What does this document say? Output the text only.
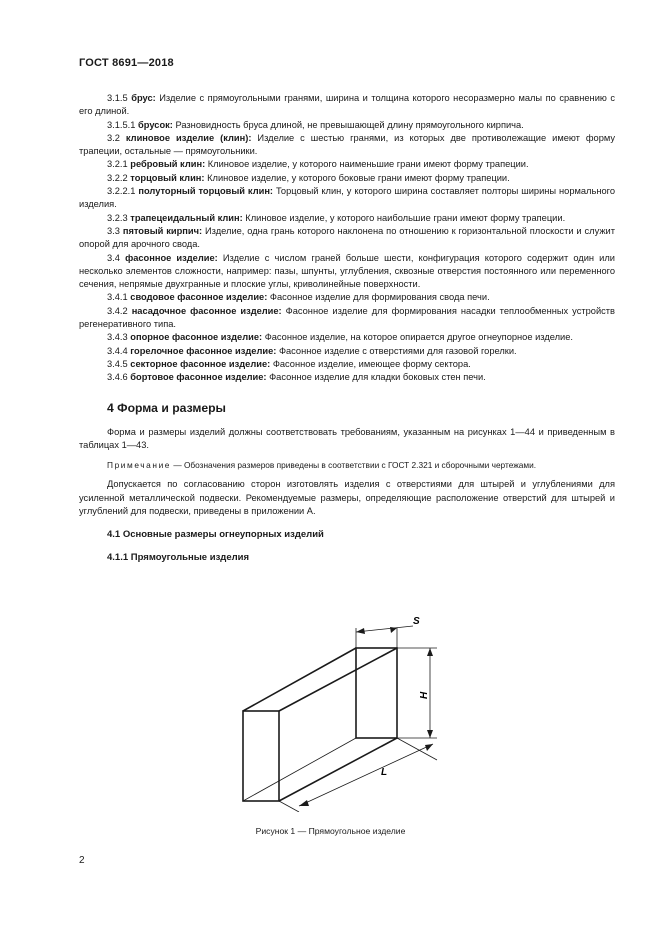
ГОСТ 8691—2018

3.1.5 брус: Изделие с прямоугольными гранями, ширина и толщина которого несоразмерно малы по сравнению с его длиной.

3.1.5.1 брусок: Разновидность бруса длиной, не превышающей длину прямоугольного кирпича.

3.2 клиновое изделие (клин): Изделие с шестью гранями, из которых две противолежащие имеют форму трапеции, остальные — прямоугольники.

3.2.1 ребровый клин: Клиновое изделие, у которого наименьшие грани имеют форму трапеции.

3.2.2 торцовый клин: Клиновое изделие, у которого боковые грани имеют форму трапеции.

3.2.2.1 полуторный торцовый клин: Торцовый клин, у которого ширина составляет полторы ширины нормального изделия.

3.2.3 трапецеидальный клин: Клиновое изделие, у которого наибольшие грани имеют форму трапеции.

3.3 пятовый кирпич: Изделие, одна грань которого наклонена по отношению к горизонтальной плоскости и служит опорой для арочного свода.

3.4 фасонное изделие: Изделие с числом граней больше шести, конфигурация которого содержит один или несколько элементов сложности, например: пазы, шпунты, углубления, сквозные отверстия постоянного или переменного сечения, непрямые двухгранные и плоские углы, криволинейные поверхности.

3.4.1 сводовое фасонное изделие: Фасонное изделие для формирования свода печи.

3.4.2 насадочное фасонное изделие: Фасонное изделие для формирования насадки теплообменных устройств регенеративного типа.

3.4.3 опорное фасонное изделие: Фасонное изделие, на которое опирается другое огнеупорное изделие.

3.4.4 горелочное фасонное изделие: Фасонное изделие с отверстиями для газовой горелки.

3.4.5 секторное фасонное изделие: Фасонное изделие, имеющее форму сектора.

3.4.6 бортовое фасонное изделие: Фасонное изделие для кладки боковых стен печи.

4 Форма и размеры

Форма и размеры изделий должны соответствовать требованиям, указанным на рисунках 1—44 и приведенным в таблицах 1—43.

Примечание — Обозначения размеров приведены в соответствии с ГОСТ 2.321 и сборочными чертежами.

Допускается по согласованию сторон изготовлять изделия с отверстиями для штырей и углублениями для усиленной металлической подвески. Рекомендуемые размеры, определяющие расположение отверстий для штырей и углублений для подвески, приведены в приложении А.

4.1 Основные размеры огнеупорных изделий
4.1.1 Прямоугольные изделия
S
H
L
Рисунок 1 — Прямоугольное изделие
2
